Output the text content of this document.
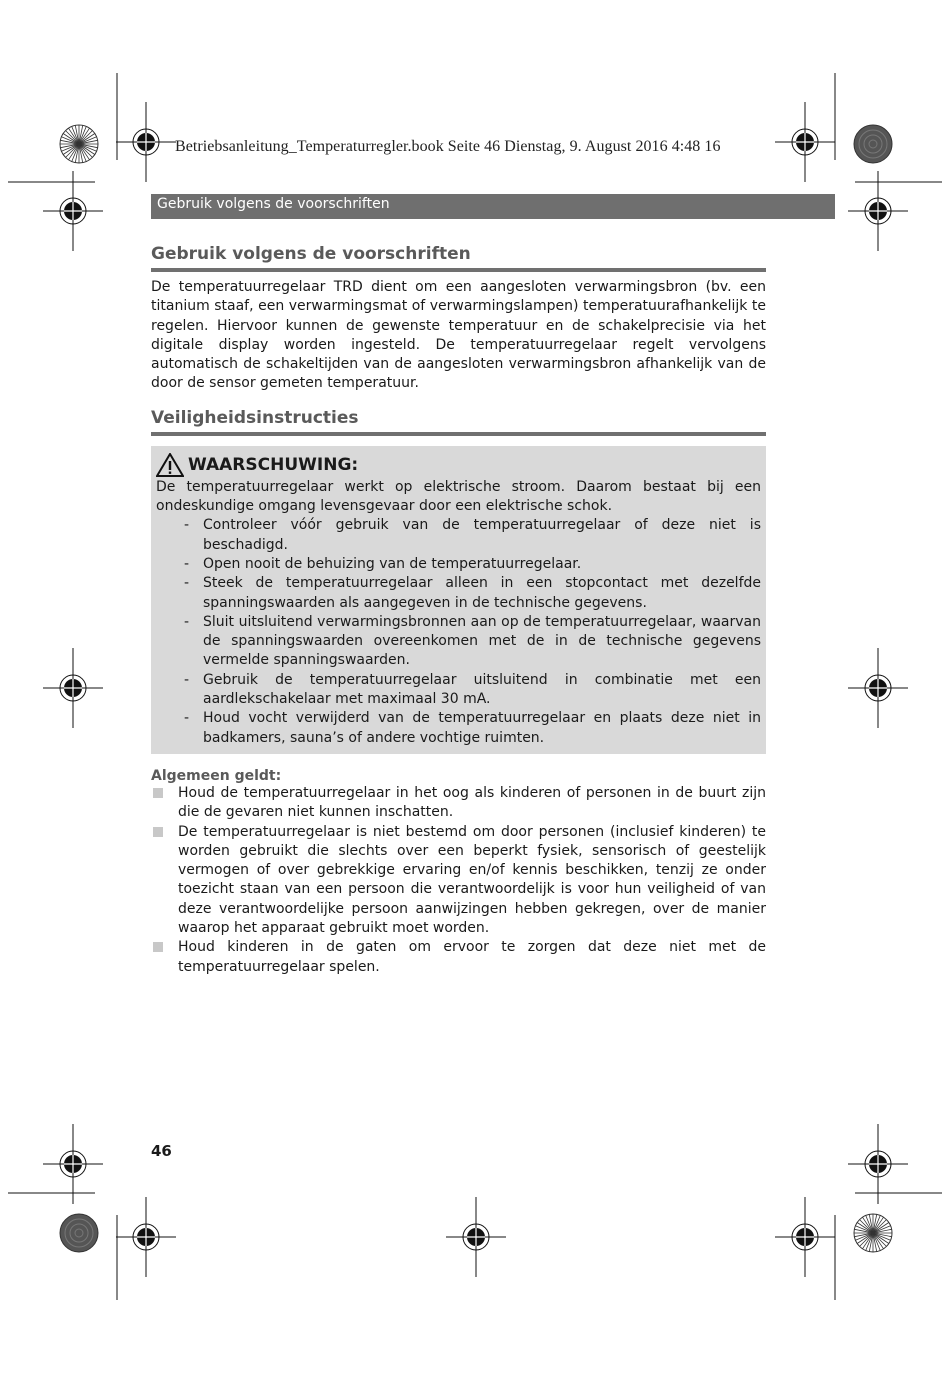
Betriebsanleitung_Temperaturregler.book Seite 46 Dienstag, 9. August 2016 4:48 16
Gebruik volgens de voorschriften
Gebruik volgens de voorschriften

De temperatuurregelaar TRD dient om een aangesloten verwarmingsbron (bv. een titanium staaf, een verwarmingsmat of verwarmingslampen) temperatuurafhankelijk te regelen. Hiervoor kunnen de gewenste temperatuur en de schakelprecisie via het digitale display worden ingesteld. De temperatuurregelaar regelt vervolgens automatisch de schakeltijden van de aangesloten verwarmingsbron afhankelijk van de door de sensor gemeten temperatuur.

Veiligheidsinstructies
WAARSCHUWING:

De temperatuurregelaar werkt op elektrische stroom. Daarom bestaat bij een ondeskundige omgang levensgevaar door een elektrische schok.

- Controleer vóór gebruik van de temperatuurregelaar of deze niet is beschadigd.
- Open nooit de behuizing van de temperatuurregelaar.
- Steek de temperatuurregelaar alleen in een stopcontact met dezelfde spanningswaarden als aangegeven in de technische gegevens.
- Sluit uitsluitend verwarmingsbronnen aan op de temperatuurregelaar, waarvan de spanningswaarden overeenkomen met de in de technische gegevens vermelde spanningswaarden.
- Gebruik de temperatuurregelaar uitsluitend in combinatie met een aardlekschakelaar met maximaal 30 mA.
- Houd vocht verwijderd van de temperatuurregelaar en plaats deze niet in badkamers, sauna’s of andere vochtige ruimten.
Algemeen geldt:
Houd de temperatuurregelaar in het oog als kinderen of personen in de buurt zijn die de gevaren niet kunnen inschatten.
De temperatuurregelaar is niet bestemd om door personen (inclusief kinderen) te worden gebruikt die slechts over een beperkt fysiek, sensorisch of geestelijk vermogen of over gebrekkige ervaring en/of kennis beschikken, tenzij ze onder toezicht staan van een persoon die verantwoordelijk is voor hun veiligheid of van deze verantwoordelijke persoon aanwijzingen hebben gekregen, over de manier waarop het apparaat gebruikt moet worden.
Houd kinderen in de gaten om ervoor te zorgen dat deze niet met de temperatuurregelaar spelen.
46
